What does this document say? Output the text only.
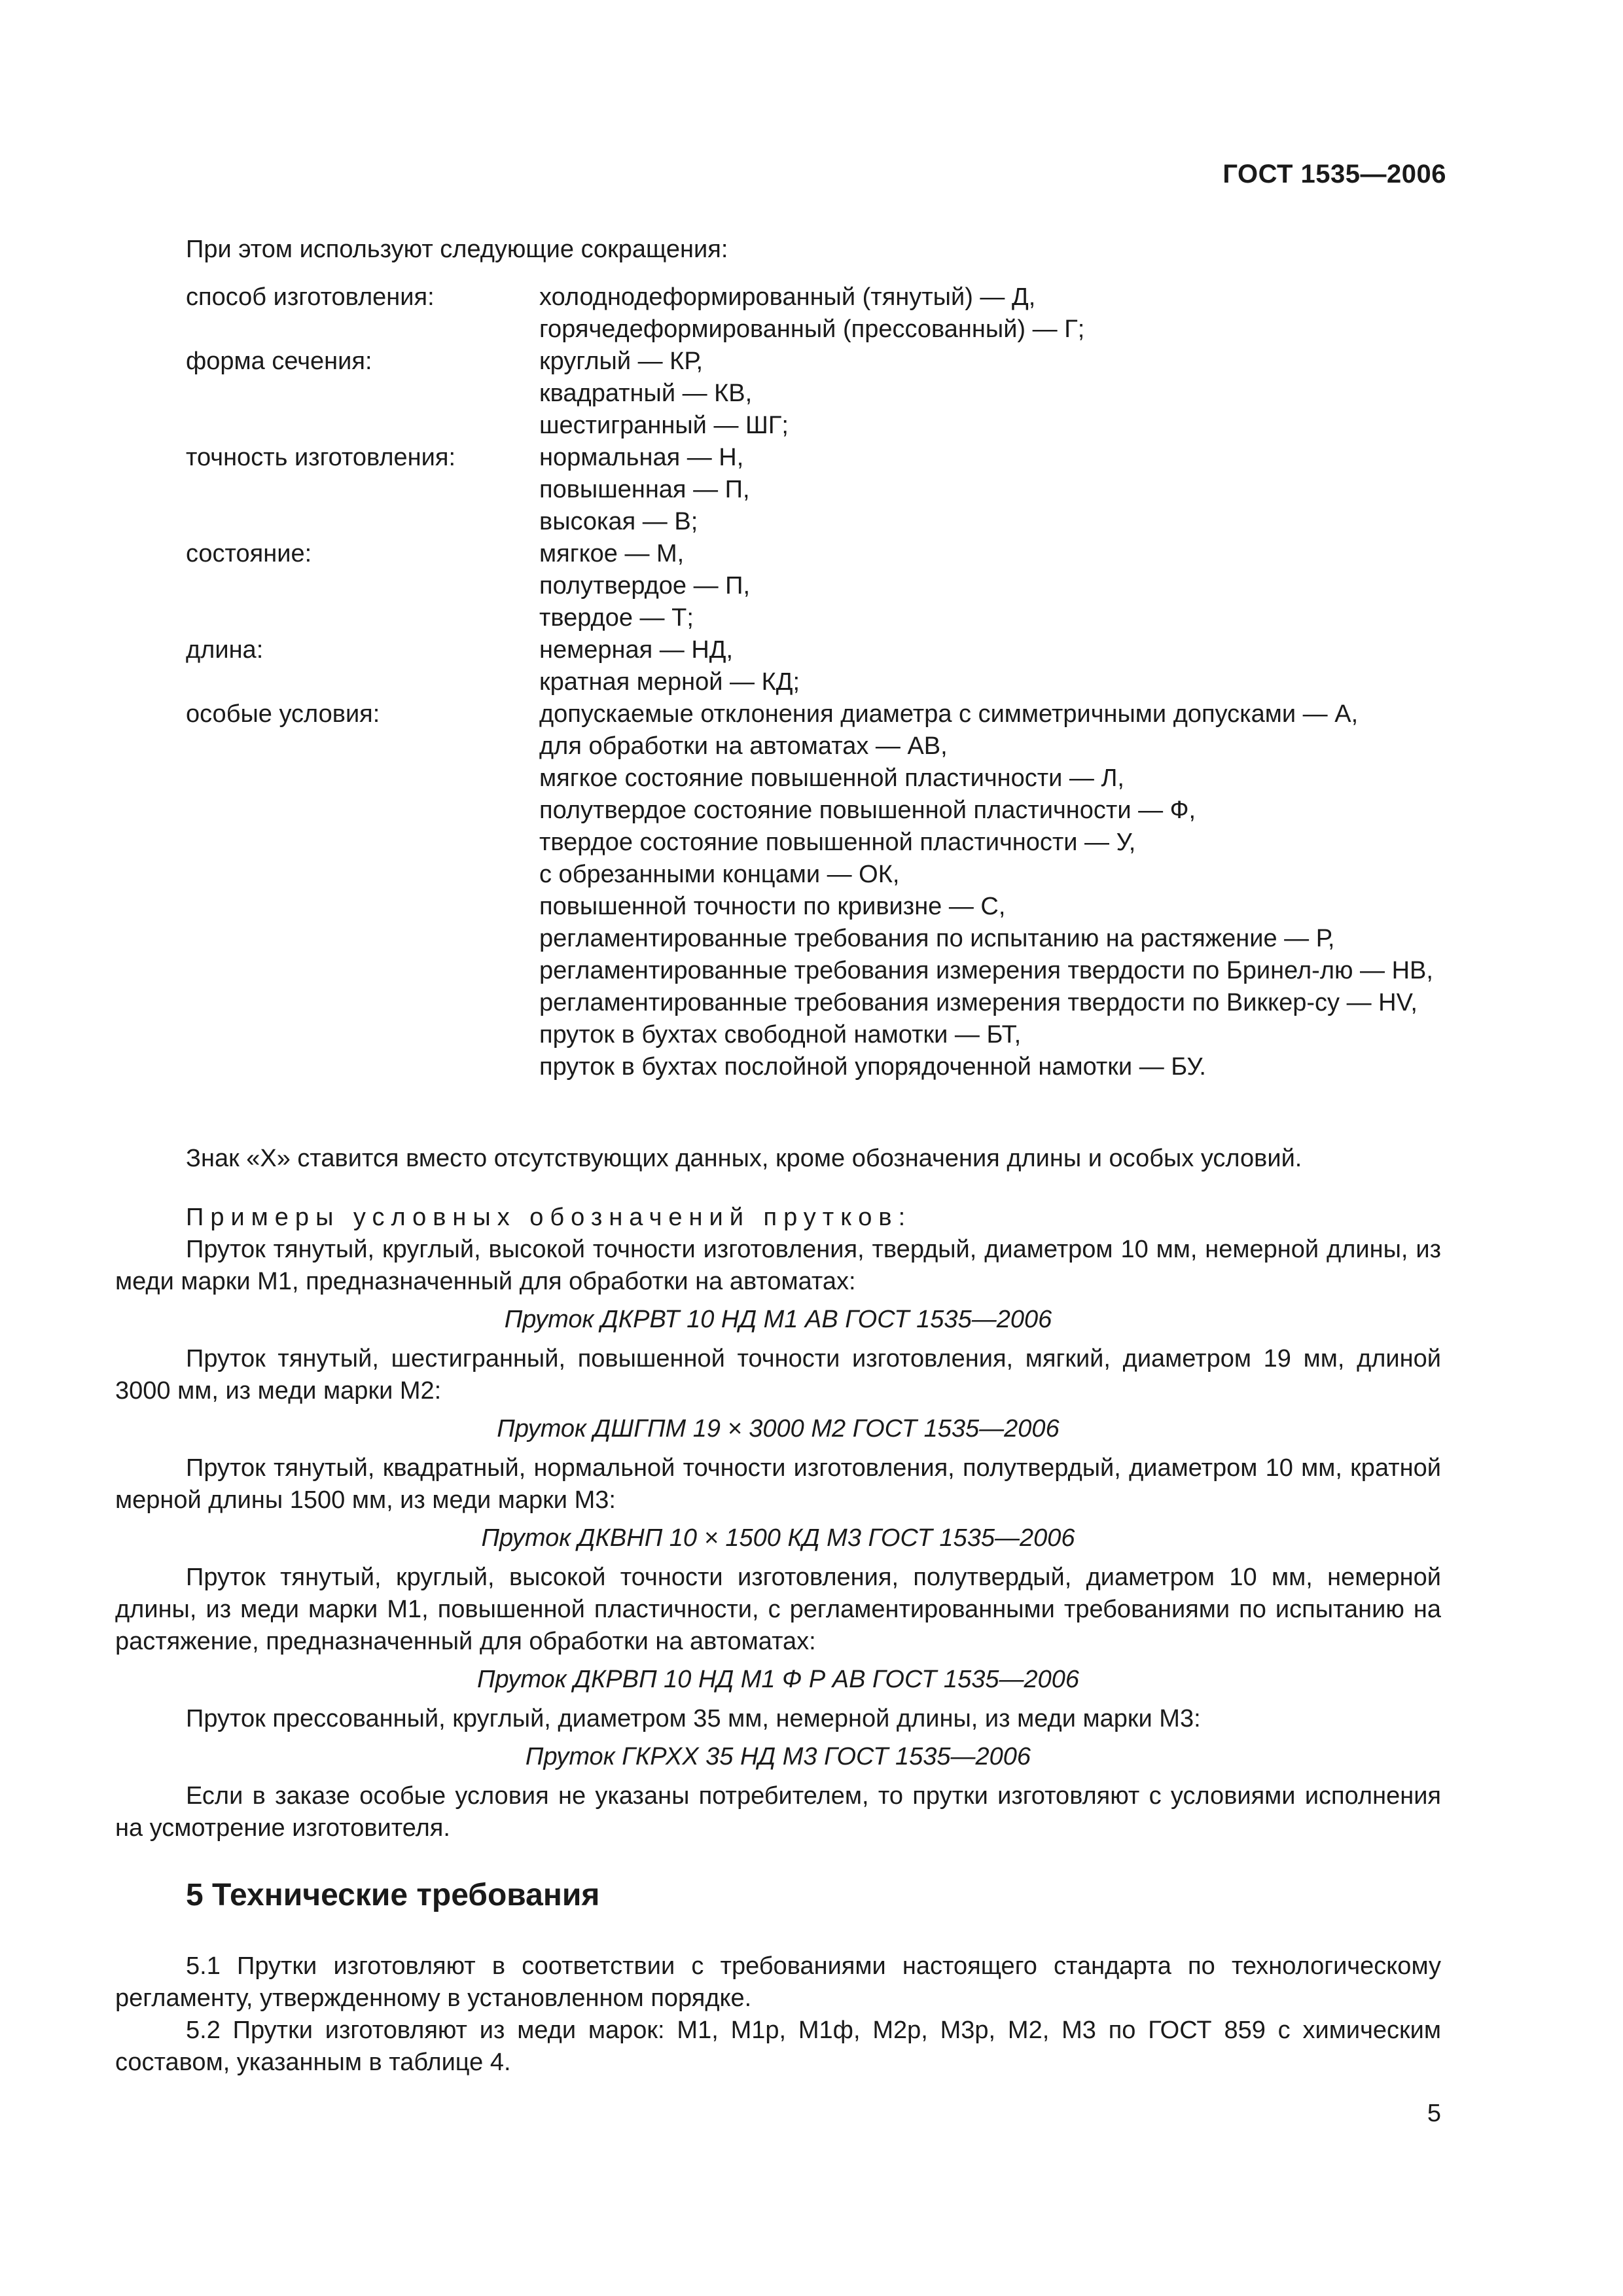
ГОСТ 1535—2006
При этом используют следующие сокращения:
способ изготовления:	холоднодеформированный (тянутый) — Д,
горячедеформированный (прессованный) — Г;
форма сечения:	круглый — КР,
квадратный — КВ,
шестигранный — ШГ;
точность изготовления:	нормальная — Н,
повышенная — П,
высокая — В;
состояние:	мягкое — М,
полутвердое — П,
твердое — Т;
длина:	немерная — НД,
кратная мерной — КД;
особые условия:	допускаемые отклонения диаметра с симметричными допусками — А,
для обработки на автоматах — АВ,
мягкое состояние повышенной пластичности — Л,
полутвердое состояние повышенной пластичности — Ф,
твердое состояние повышенной пластичности — У,
с обрезанными концами — ОК,
повышенной точности по кривизне — С,
регламентированные требования по испытанию на растяжение — Р,
регламентированные требования измерения твердости по Бринел-лю — НВ,
регламентированные требования измерения твердости по Виккер-су — HV,
пруток в бухтах свободной намотки — БТ,
пруток в бухтах послойной упорядоченной намотки — БУ.

Знак «X» ставится вместо отсутствующих данных, кроме обозначения длины и особых условий.

Примеры условных обозначений прутков:

Пруток тянутый, круглый, высокой точности изготовления, твердый, диаметром 10 мм, немерной длины, из меди марки М1, предназначенный для обработки на автоматах:

Пруток ДКРВТ 10 НД М1 АВ ГОСТ 1535—2006

Пруток тянутый, шестигранный, повышенной точности изготовления, мягкий, диаметром 19 мм, длиной 3000 мм, из меди марки М2:

Пруток ДШГПМ 19 × 3000 М2 ГОСТ 1535—2006

Пруток тянутый, квадратный, нормальной точности изготовления, полутвердый, диаметром 10 мм, кратной мерной длины 1500 мм, из меди марки М3:

Пруток ДКВНП 10 × 1500 КД М3 ГОСТ 1535—2006

Пруток тянутый, круглый, высокой точности изготовления, полутвердый, диаметром 10 мм, немерной длины, из меди марки М1, повышенной пластичности, с регламентированными требованиями по испытанию на растяжение, предназначенный для обработки на автоматах:

Пруток ДКРВП 10 НД М1 Ф Р АВ ГОСТ 1535—2006

Пруток прессованный, круглый, диаметром 35 мм, немерной длины, из меди марки М3:

Пруток ГКРХХ 35 НД М3 ГОСТ 1535—2006

Если в заказе особые условия не указаны потребителем, то прутки изготовляют с условиями исполнения на усмотрение изготовителя.

5 Технические требования

5.1 Прутки изготовляют в соответствии с требованиями настоящего стандарта по технологическому регламенту, утвержденному в установленном порядке.

5.2 Прутки изготовляют из меди марок: М1, М1р, М1ф, М2р, М3р, М2, М3 по ГОСТ 859 с химическим составом, указанным в таблице 4.

5
